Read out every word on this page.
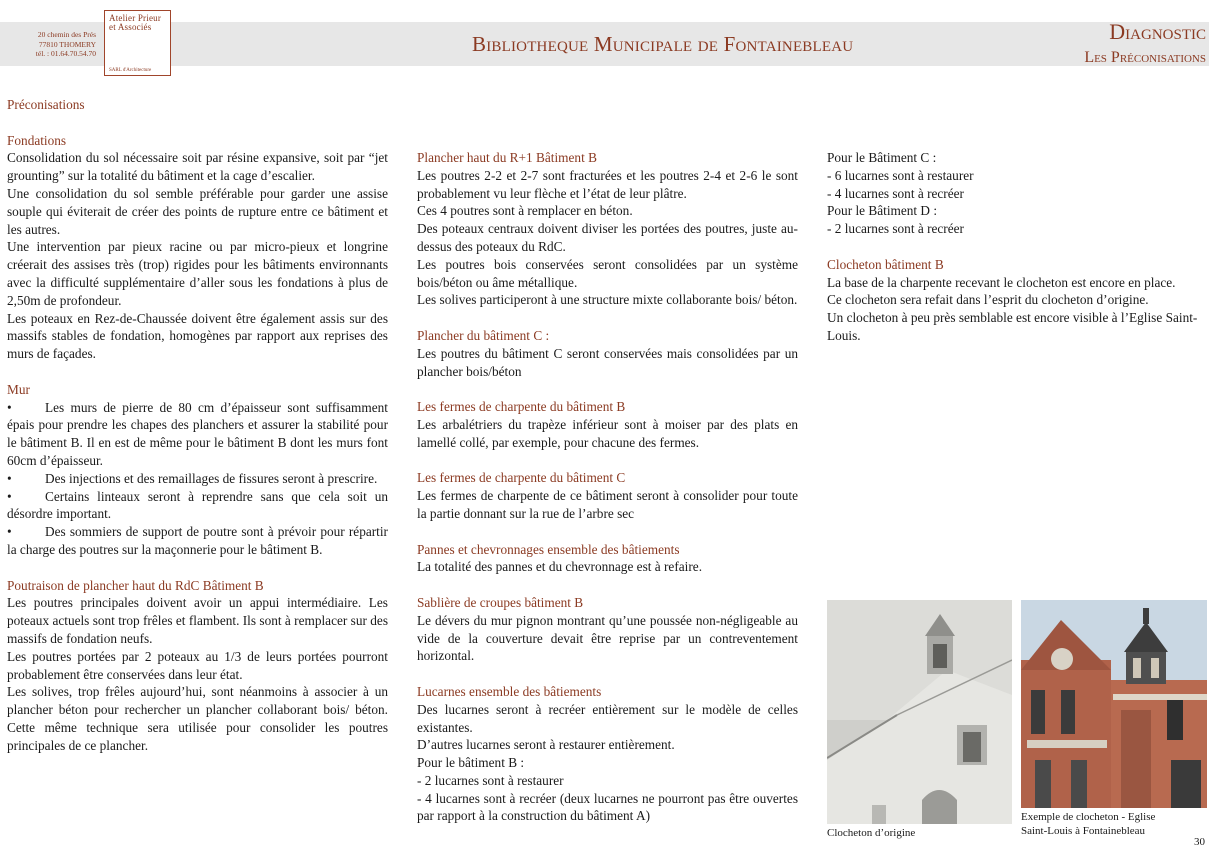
20 chemin des Prés
77810 THOMERY
tél. : 01.64.70.54.70
Atelier Prieur et Associés
SARL d'Architecture
Bibliotheque Municipale de Fontainebleau	Diagnostic
Les Préconisations

Préconisations

Fondations

Consolidation du sol nécessaire soit par résine expansive, soit par “jet grounting” sur la totalité du bâtiment et la cage d’escalier.

Une consolidation du sol semble préférable pour garder une assise souple qui éviterait de créer des points de rupture entre ce bâtiment et les autres.

Une intervention par pieux racine ou par micro-pieux et longrine créerait des assises très (trop) rigides pour les bâtiments environnants avec la difficulté supplémentaire d’aller sous les fondations à plus de 2,50m de profondeur.

Les poteaux en Rez-de-Chaussée doivent être également assis sur des massifs stables de fondation, homogènes par rapport aux reprises des murs de façades.

Mur

•	Les murs de pierre de 80 cm d’épaisseur sont suffisamment épais pour prendre les chapes des planchers et assurer la stabilité pour le bâtiment B. Il en est de même pour le bâtiment B dont les murs font 60cm d’épaisseur.

•	Des injections et des remaillages de fissures seront à prescrire.

•	Certains linteaux seront à reprendre sans que cela soit un désordre important.

•	Des sommiers de support de poutre sont à prévoir pour répartir la charge des poutres sur la maçonnerie pour le bâtiment B.

Poutraison de plancher haut du RdC Bâtiment B

Les poutres principales doivent avoir un appui intermédiaire. Les poteaux actuels sont trop frêles et flambent. Ils sont à remplacer sur des massifs de fondation neufs.

Les poutres portées par 2 poteaux au 1/3 de leurs portées pourront probablement être conservées dans leur état.

Les solives, trop frêles aujourd’hui, sont néanmoins à associer à un plancher béton pour rechercher un plancher collaborant bois/ béton. Cette même technique sera utilisée pour consolider les poutres principales de ce plancher.

Plancher haut du R+1 Bâtiment B

Les poutres 2-2 et 2-7 sont fracturées et les poutres 2-4 et 2-6 le sont probablement vu leur flèche et l’état de leur plâtre.

Ces 4 poutres sont à remplacer en béton.

Des poteaux centraux doivent diviser les portées des poutres, juste au-dessus des poteaux du RdC.

Les poutres bois conservées seront consolidées par un système bois/béton ou âme métallique.

Les solives participeront à une structure mixte collaborante bois/ béton.

Plancher du bâtiment C :

Les poutres du bâtiment C seront conservées mais consolidées par un plancher bois/béton

Les fermes de charpente du bâtiment B

Les arbalétriers du trapèze inférieur sont à moiser par des plats en lamellé collé, par exemple, pour chacune des fermes.

Les fermes de charpente du bâtiment C

Les fermes de charpente de ce bâtiment seront à consolider pour toute la partie donnant sur la rue de l’arbre sec

Pannes et chevronnages ensemble des bâtiements

La totalité des pannes et du chevronnage est à refaire.

Sablière de croupes bâtiment B

Le dévers du mur pignon montrant qu’une poussée non-négligeable au vide de la couverture devait être reprise par un contreventement horizontal.

Lucarnes ensemble des bâtiements

Des lucarnes seront à recréer entièrement sur le modèle de celles existantes.

D’autres lucarnes seront à restaurer entièrement.

Pour le bâtiment B :

- 2 lucarnes sont à restaurer

- 4 lucarnes sont à recréer (deux lucarnes ne pourront pas être ouvertes par rapport à la construction du bâtiment A)

Pour le Bâtiment C :

- 6 lucarnes sont à restaurer

- 4 lucarnes sont à recréer

Pour le Bâtiment D :

- 2 lucarnes sont à recréer

Clocheton bâtiment B

La base de la charpente recevant le clocheton est encore en place.

Ce clocheton sera refait dans l’esprit du clocheton d’origine.

Un clocheton à peu près semblable est encore visible à l’Eglise Saint-Louis.

Clocheton d’origine
Exemple de clocheton - Eglise
Saint-Louis à Fontainebleau
30
